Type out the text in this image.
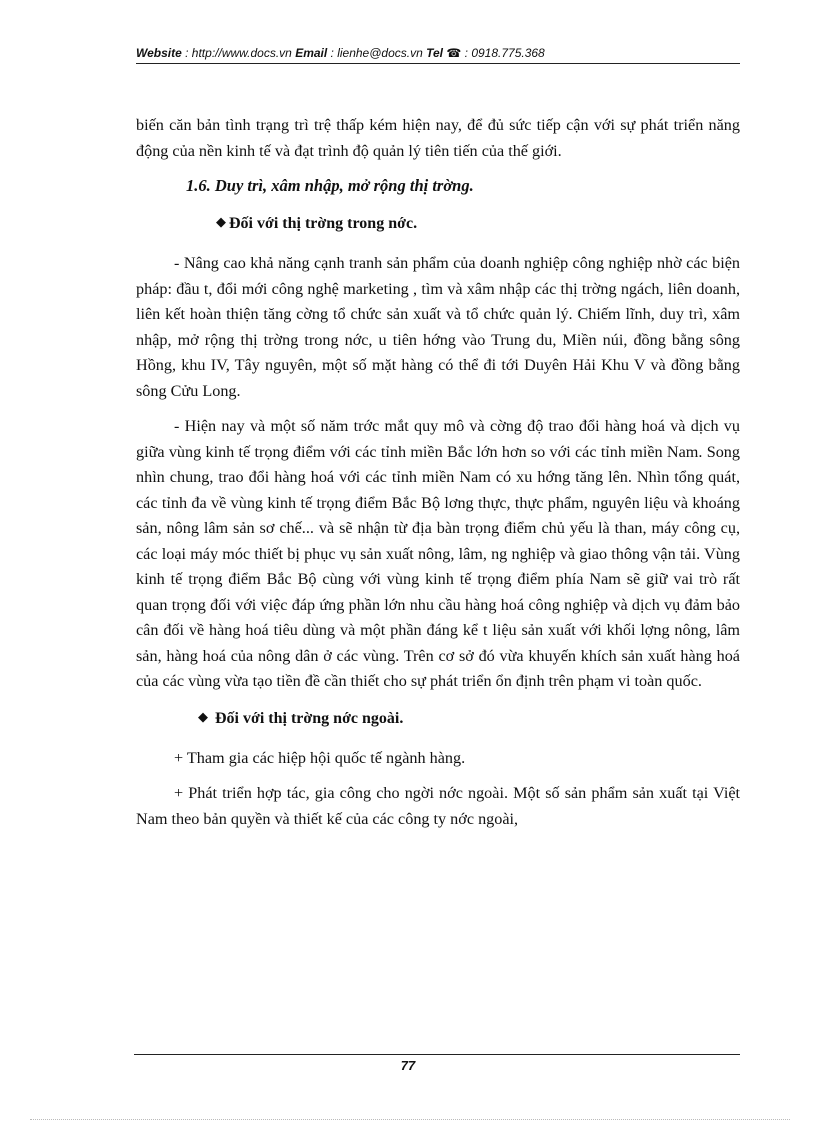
Website : http://www.docs.vn Email : lienhe@docs.vn Tel ☎ : 0918.775.368

biến căn bản tình trạng trì trệ thấp kém hiện nay, để đủ sức tiếp cận với sự phát triển năng động của nền kinh tế và đạt trình độ quản lý tiên tiến của thế giới.

1.6. Duy trì, xâm nhập, mở rộng thị trờng.
◆ Đối với thị trờng trong nớc.

- Nâng cao khả năng cạnh tranh sản phẩm của doanh nghiệp công nghiệp nhờ các biện pháp: đầu t, đổi mới công nghệ marketing , tìm và xâm nhập các thị trờng ngách, liên doanh, liên kết hoàn thiện tăng cờng tổ chức sản xuất và tổ chức quản lý. Chiếm lĩnh, duy trì, xâm nhập, mở rộng thị trờng trong nớc, u tiên hớng vào Trung du, Miền núi, đồng bằng sông Hồng, khu IV, Tây nguyên, một số mặt hàng có thể đi tới Duyên Hải Khu V và đồng bằng sông Cửu Long.

- Hiện nay và một số năm trớc mắt quy mô và cờng độ trao đổi hàng hoá và dịch vụ giữa vùng kinh tế trọng điểm với các tỉnh miền Bắc lớn hơn so với các tỉnh miền Nam. Song nhìn chung, trao đổi hàng hoá với các tỉnh miền Nam có xu hớng tăng lên. Nhìn tổng quát, các tỉnh đa về vùng kinh tế trọng điểm Bắc Bộ lơng thực, thực phẩm, nguyên liệu và khoáng sản, nông lâm sản sơ chế... và sẽ nhận từ địa bàn trọng điểm chủ yếu là than, máy công cụ, các loại máy móc thiết bị phục vụ sản xuất nông, lâm, ng nghiệp và giao thông vận tải. Vùng kinh tế trọng điểm Bắc Bộ cùng với vùng kinh tế trọng điểm phía Nam sẽ giữ vai trò rất quan trọng đối với việc đáp ứng phần lớn nhu cầu hàng hoá công nghiệp và dịch vụ đảm bảo cân đối về hàng hoá tiêu dùng và một phần đáng kể t liệu sản xuất với khối lợng nông, lâm sản, hàng hoá của nông dân ở các vùng. Trên cơ sở đó vừa khuyến khích sản xuất hàng hoá của các vùng vừa tạo tiền đề cần thiết cho sự phát triển ổn định trên phạm vi toàn quốc.

◆ Đối với thị trờng nớc ngoài.

+ Tham gia các hiệp hội quốc tế ngành hàng.

+ Phát triển hợp tác, gia công cho ngời nớc ngoài. Một số sản phẩm sản xuất tại Việt Nam theo bản quyền và thiết kế của các công ty nớc ngoài,

77
